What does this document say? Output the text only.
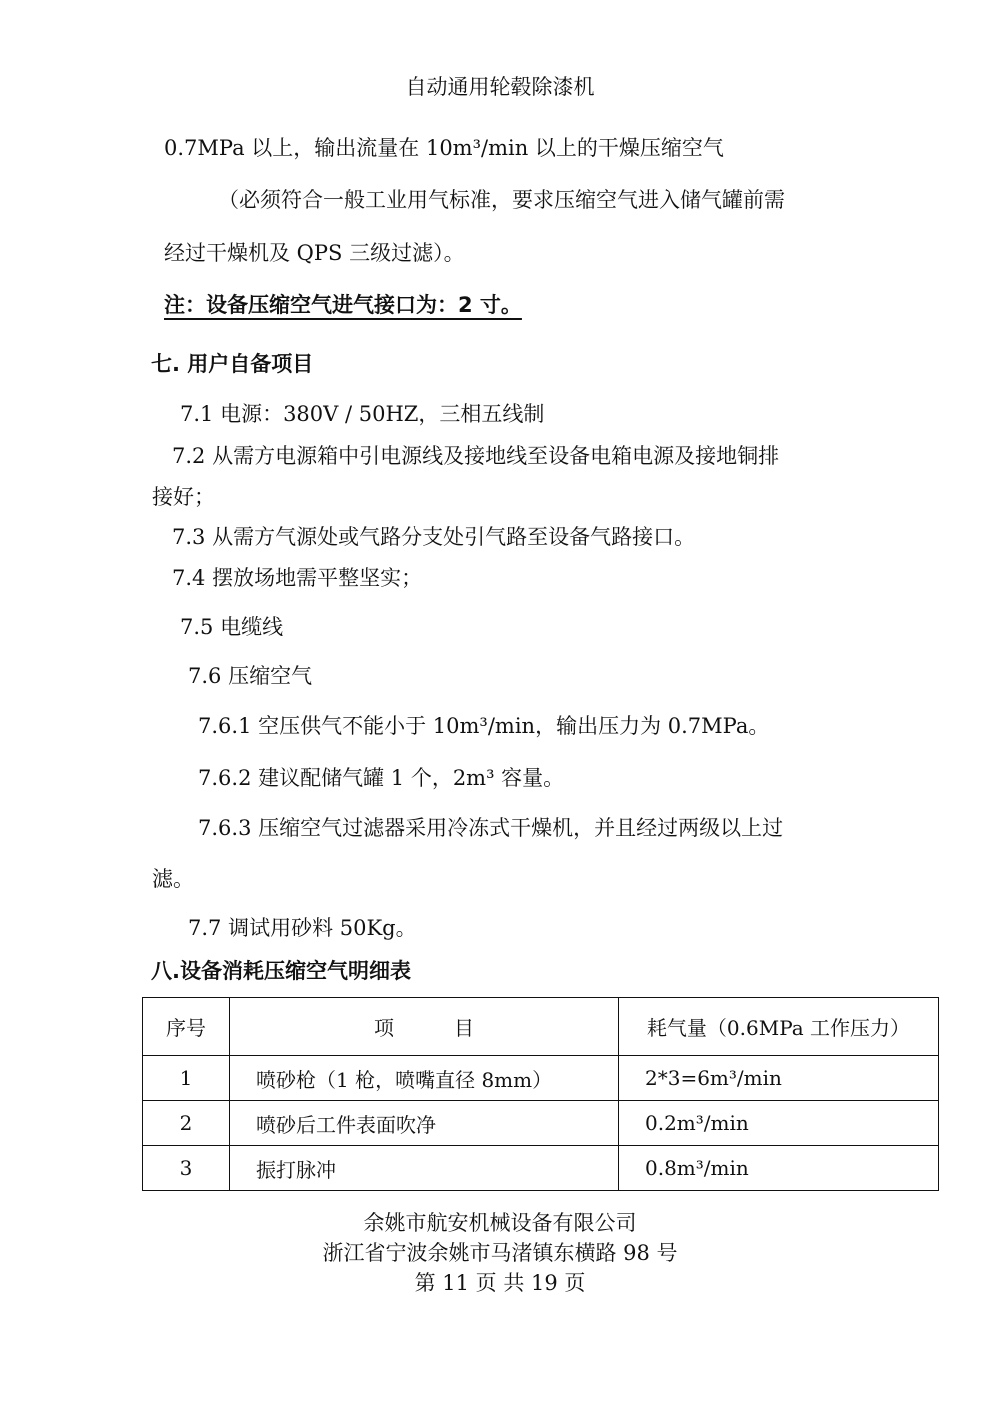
自动通用轮毂除漆机
0.7MPa 以上，输出流量在 10m³/min 以上的干燥压缩空气
（必须符合一般工业用气标准，要求压缩空气进入储气罐前需
经过干燥机及 QPS 三级过滤）。
注：设备压缩空气进气接口为：2 寸。
七. 用户自备项目
7.1 电源：380V / 50HZ，三相五线制
7.2 从需方电源箱中引电源线及接地线至设备电箱电源及接地铜排
接好；
7.3 从需方气源处或气路分支处引气路至设备气路接口。
7.4 摆放场地需平整坚实；
7.5 电缆线
7.6 压缩空气
7.6.1 空压供气不能小于 10m³/min，输出压力为 0.7MPa。
7.6.2 建议配储气罐 1 个，2m³ 容量。
7.6.3 压缩空气过滤器采用冷冻式干燥机，并且经过两级以上过
滤。
7.7 调试用砂料 50Kg。
八.设备消耗压缩空气明细表
序号	项　　　目	耗气量（0.6MPa 工作压力）
1	喷砂枪（1 枪，喷嘴直径 8mm）	2*3=6m³/min
2	喷砂后工件表面吹净	0.2m³/min
3	振打脉冲	0.8m³/min
余姚市航安机械设备有限公司
浙江省宁波余姚市马渚镇东横路 98 号
第 11 页 共 19 页
